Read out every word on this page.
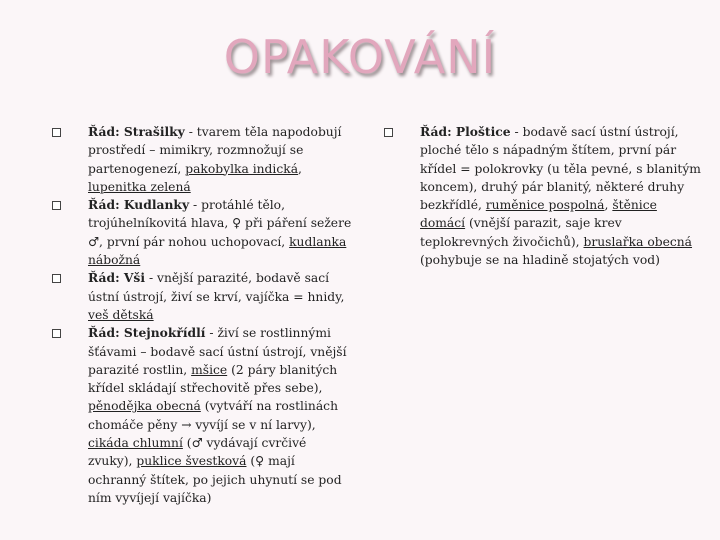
OPAKOVÁNÍ
Řád: Strašilky - tvarem těla napodobují prostředí – mimikry, rozmnožují se partenogenezí, pakobylka indická, lupenitka zelená
Řád: Kudlanky - protáhlé tělo, trojúhelníkovitá hlava, ♀ při páření sežere ♂, první pár nohou uchopovací, kudlanka nábožná
Řád: Vši - vnější parazité, bodavě sací ústní ústrojí, živí se krví, vajíčka = hnidy, veš dětská
Řád: Stejnokřídlí - živí se rostlinnými šťávami – bodavě sací ústní ústrojí, vnější parazité rostlin, mšice (2 páry blanitých křídel skládají střechovitě přes sebe), pěnodějka obecná (vytváří na rostlinách chomáče pěny → vyvíjí se v ní larvy), cikáda chlumní (♂ vydávají cvrčivé zvuky), puklice švestková (♀ mají ochranný štítek, po jejich uhynutí se pod ním vyvíjejí vajíčka)
Řád: Ploštice - bodavě sací ústní ústrojí, ploché tělo s nápadným štítem, první pár křídel = polokrovky (u těla pevné, s blanitým koncem), druhý pár blanitý, některé druhy bezkřídlé, ruměnice pospolná, štěnice domácí (vnější parazit, saje krev teplokrevných živočichů), bruslařka obecná (pohybuje se na hladině stojatých vod)
